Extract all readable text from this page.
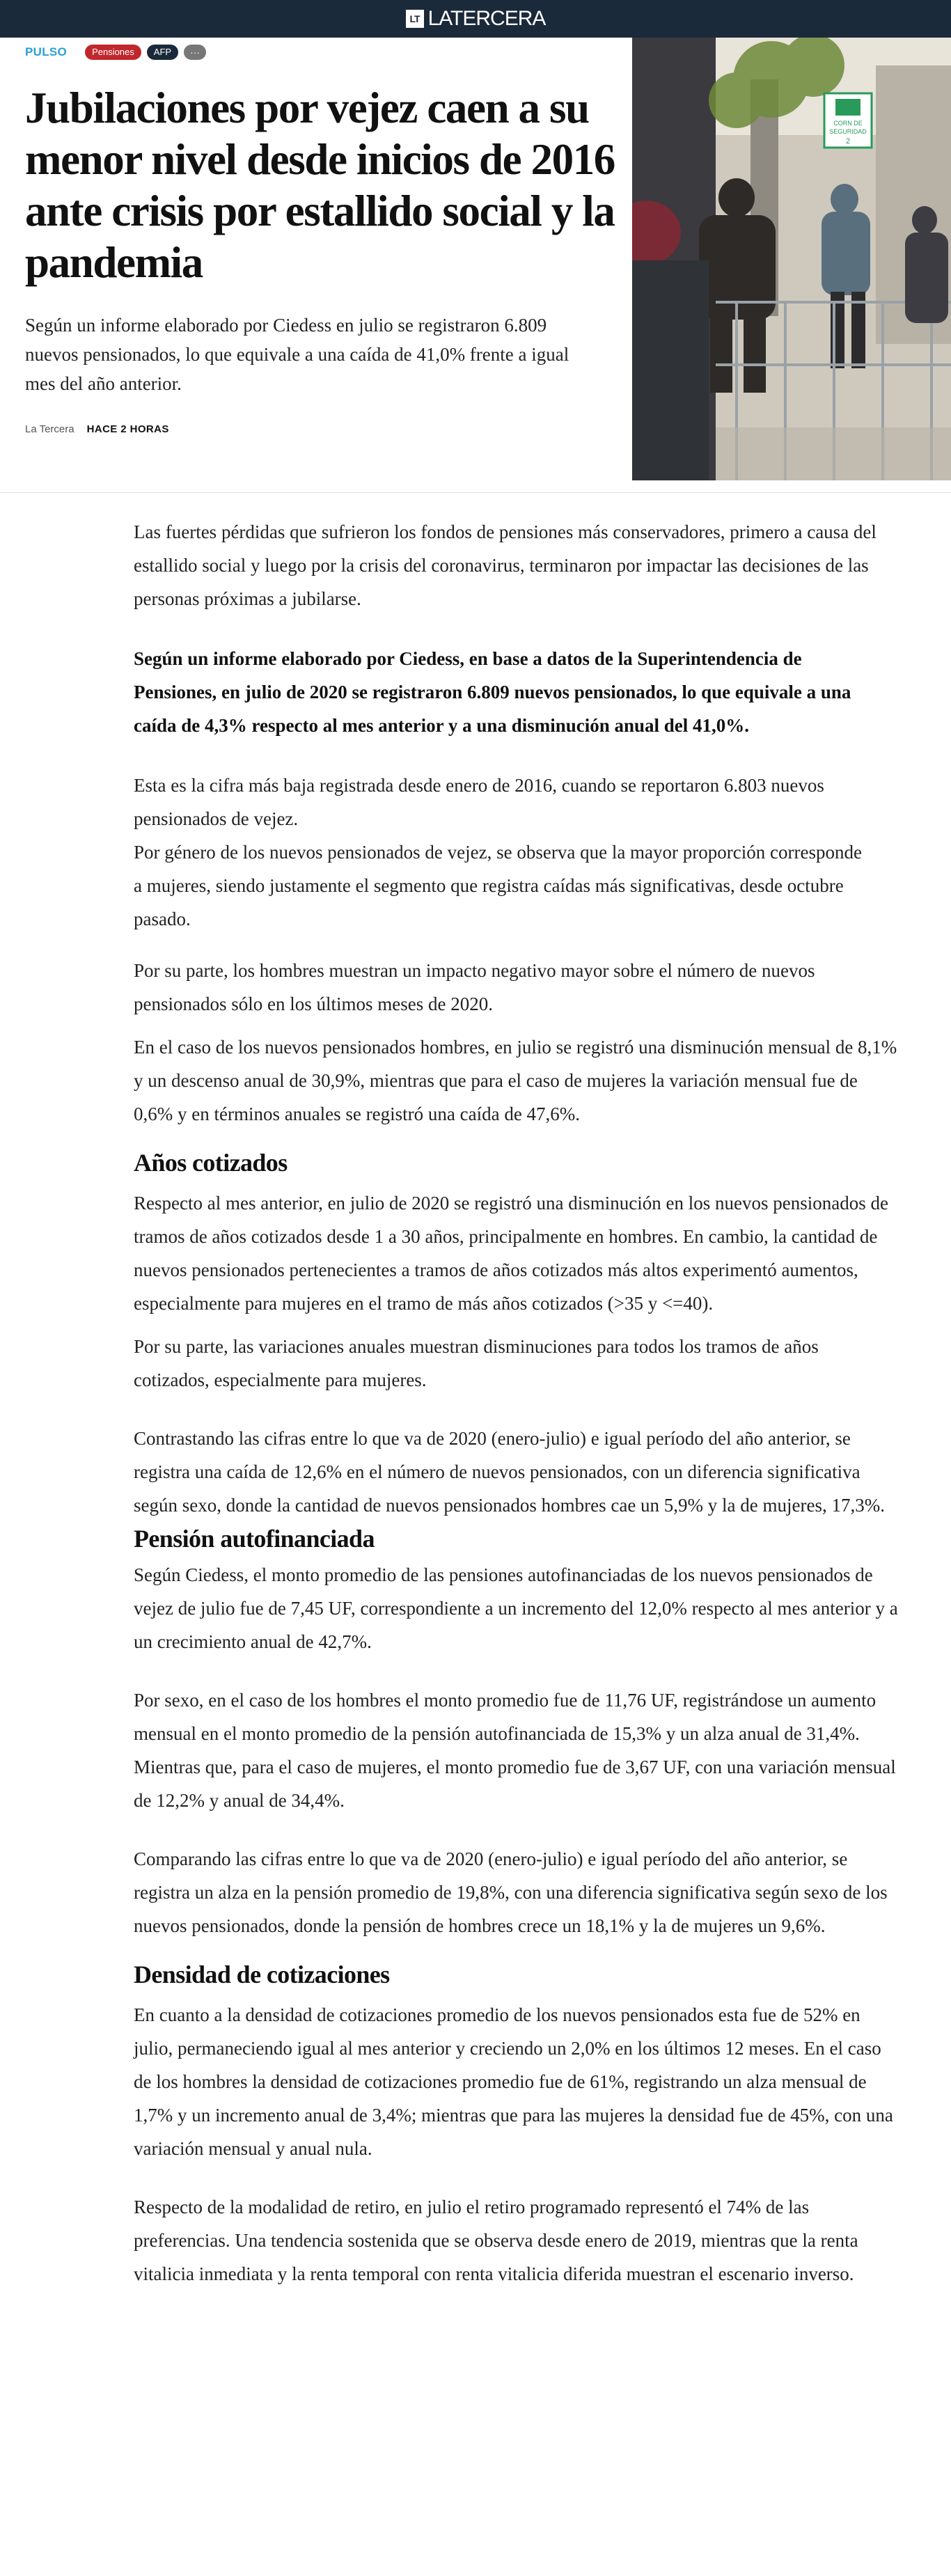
LT LATERCERA
PULSO	Pensiones	AFP	···
Jubilaciones por vejez caen a su menor nivel desde inicios de 2016 ante crisis por estallido social y la pandemia

Según un informe elaborado por Ciedess en julio se registraron 6.809 nuevos pensionados, lo que equivale a una caída de 41,0% frente a igual mes del año anterior.

La Tercera HACE 2 HORAS
CORN DE
SEGURIDAD
2

Las fuertes pérdidas que sufrieron los fondos de pensiones más conservadores, primero a causa del estallido social y luego por la crisis del coronavirus, terminaron por impactar las decisiones de las personas próximas a jubilarse.

Según un informe elaborado por Ciedess, en base a datos de la Superintendencia de Pensiones, en julio de 2020 se registraron 6.809 nuevos pensionados, lo que equivale a una caída de 4,3% respecto al mes anterior y a una disminución anual del 41,0%.

Esta es la cifra más baja registrada desde enero de 2016, cuando se reportaron 6.803 nuevos pensionados de vejez.

Por género de los nuevos pensionados de vejez, se observa que la mayor proporción corresponde a mujeres, siendo justamente el segmento que registra caídas más significativas, desde octubre pasado.

Por su parte, los hombres muestran un impacto negativo mayor sobre el número de nuevos pensionados sólo en los últimos meses de 2020.

En el caso de los nuevos pensionados hombres, en julio se registró una disminución mensual de 8,1% y un descenso anual de 30,9%, mientras que para el caso de mujeres la variación mensual fue de 0,6% y en términos anuales se registró una caída de 47,6%.

Años cotizados

Respecto al mes anterior, en julio de 2020 se registró una disminución en los nuevos pensionados de tramos de años cotizados desde 1 a 30 años, principalmente en hombres. En cambio, la cantidad de nuevos pensionados pertenecientes a tramos de años cotizados más altos experimentó aumentos, especialmente para mujeres en el tramo de más años cotizados (>35 y <=40).

Por su parte, las variaciones anuales muestran disminuciones para todos los tramos de años cotizados, especialmente para mujeres.

Contrastando las cifras entre lo que va de 2020 (enero-julio) e igual período del año anterior, se registra una caída de 12,6% en el número de nuevos pensionados, con un diferencia significativa según sexo, donde la cantidad de nuevos pensionados hombres cae un 5,9% y la de mujeres, 17,3%.

Pensión autofinanciada

Según Ciedess, el monto promedio de las pensiones autofinanciadas de los nuevos pensionados de vejez de julio fue de 7,45 UF, correspondiente a un incremento del 12,0% respecto al mes anterior y a un crecimiento anual de 42,7%.

Por sexo, en el caso de los hombres el monto promedio fue de 11,76 UF, registrándose un aumento mensual en el monto promedio de la pensión autofinanciada de 15,3% y un alza anual de 31,4%. Mientras que, para el caso de mujeres, el monto promedio fue de 3,67 UF, con una variación mensual de 12,2% y anual de 34,4%.

Comparando las cifras entre lo que va de 2020 (enero-julio) e igual período del año anterior, se registra un alza en la pensión promedio de 19,8%, con una diferencia significativa según sexo de los nuevos pensionados, donde la pensión de hombres crece un 18,1% y la de mujeres un 9,6%.

Densidad de cotizaciones

En cuanto a la densidad de cotizaciones promedio de los nuevos pensionados esta fue de 52% en julio, permaneciendo igual al mes anterior y creciendo un 2,0% en los últimos 12 meses. En el caso de los hombres la densidad de cotizaciones promedio fue de 61%, registrando un alza mensual de 1,7% y un incremento anual de 3,4%; mientras que para las mujeres la densidad fue de 45%, con una variación mensual y anual nula.

Respecto de la modalidad de retiro, en julio el retiro programado representó el 74% de las preferencias. Una tendencia sostenida que se observa desde enero de 2019, mientras que la renta vitalicia inmediata y la renta temporal con renta vitalicia diferida muestran el escenario inverso.
